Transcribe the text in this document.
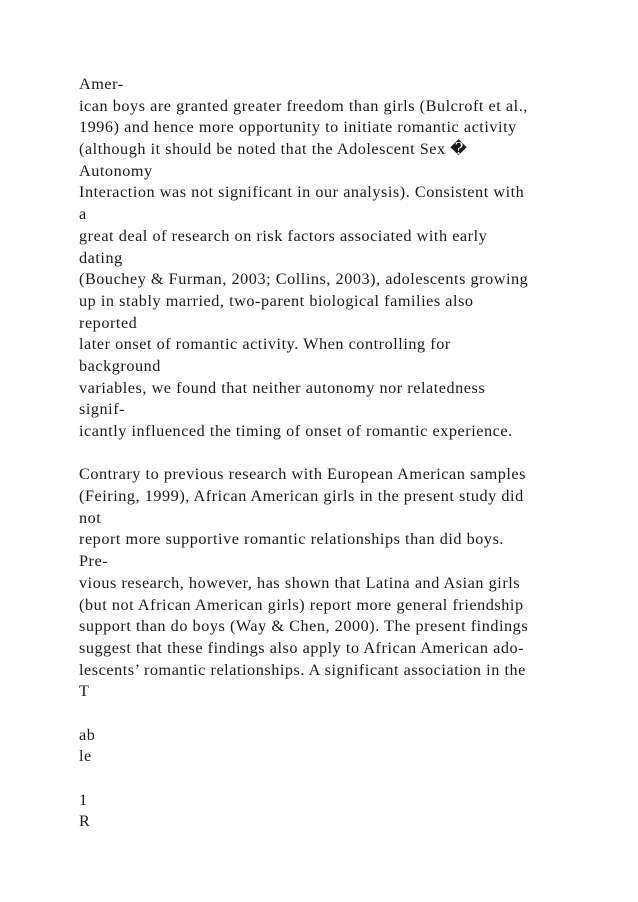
Amer-
ican boys are granted greater freedom than girls (Bulcroft et al.,
1996) and hence more opportunity to initiate romantic activity
(although it should be noted that the Adolescent Sex �
Autonomy
Interaction was not significant in our analysis). Consistent with
a
great deal of research on risk factors associated with early
dating
(Bouchey & Furman, 2003; Collins, 2003), adolescents growing
up in stably married, two-parent biological families also
reported
later onset of romantic activity. When controlling for
background
variables, we found that neither autonomy nor relatedness
signif-
icantly influenced the timing of onset of romantic experience.
Contrary to previous research with European American samples
(Feiring, 1999), African American girls in the present study did
not
report more supportive romantic relationships than did boys.
Pre-
vious research, however, has shown that Latina and Asian girls
(but not African American girls) report more general friendship
support than do boys (Way & Chen, 2000). The present findings
suggest that these findings also apply to African American ado-
lescents’ romantic relationships. A significant association in the
T
ab
le
1
R
